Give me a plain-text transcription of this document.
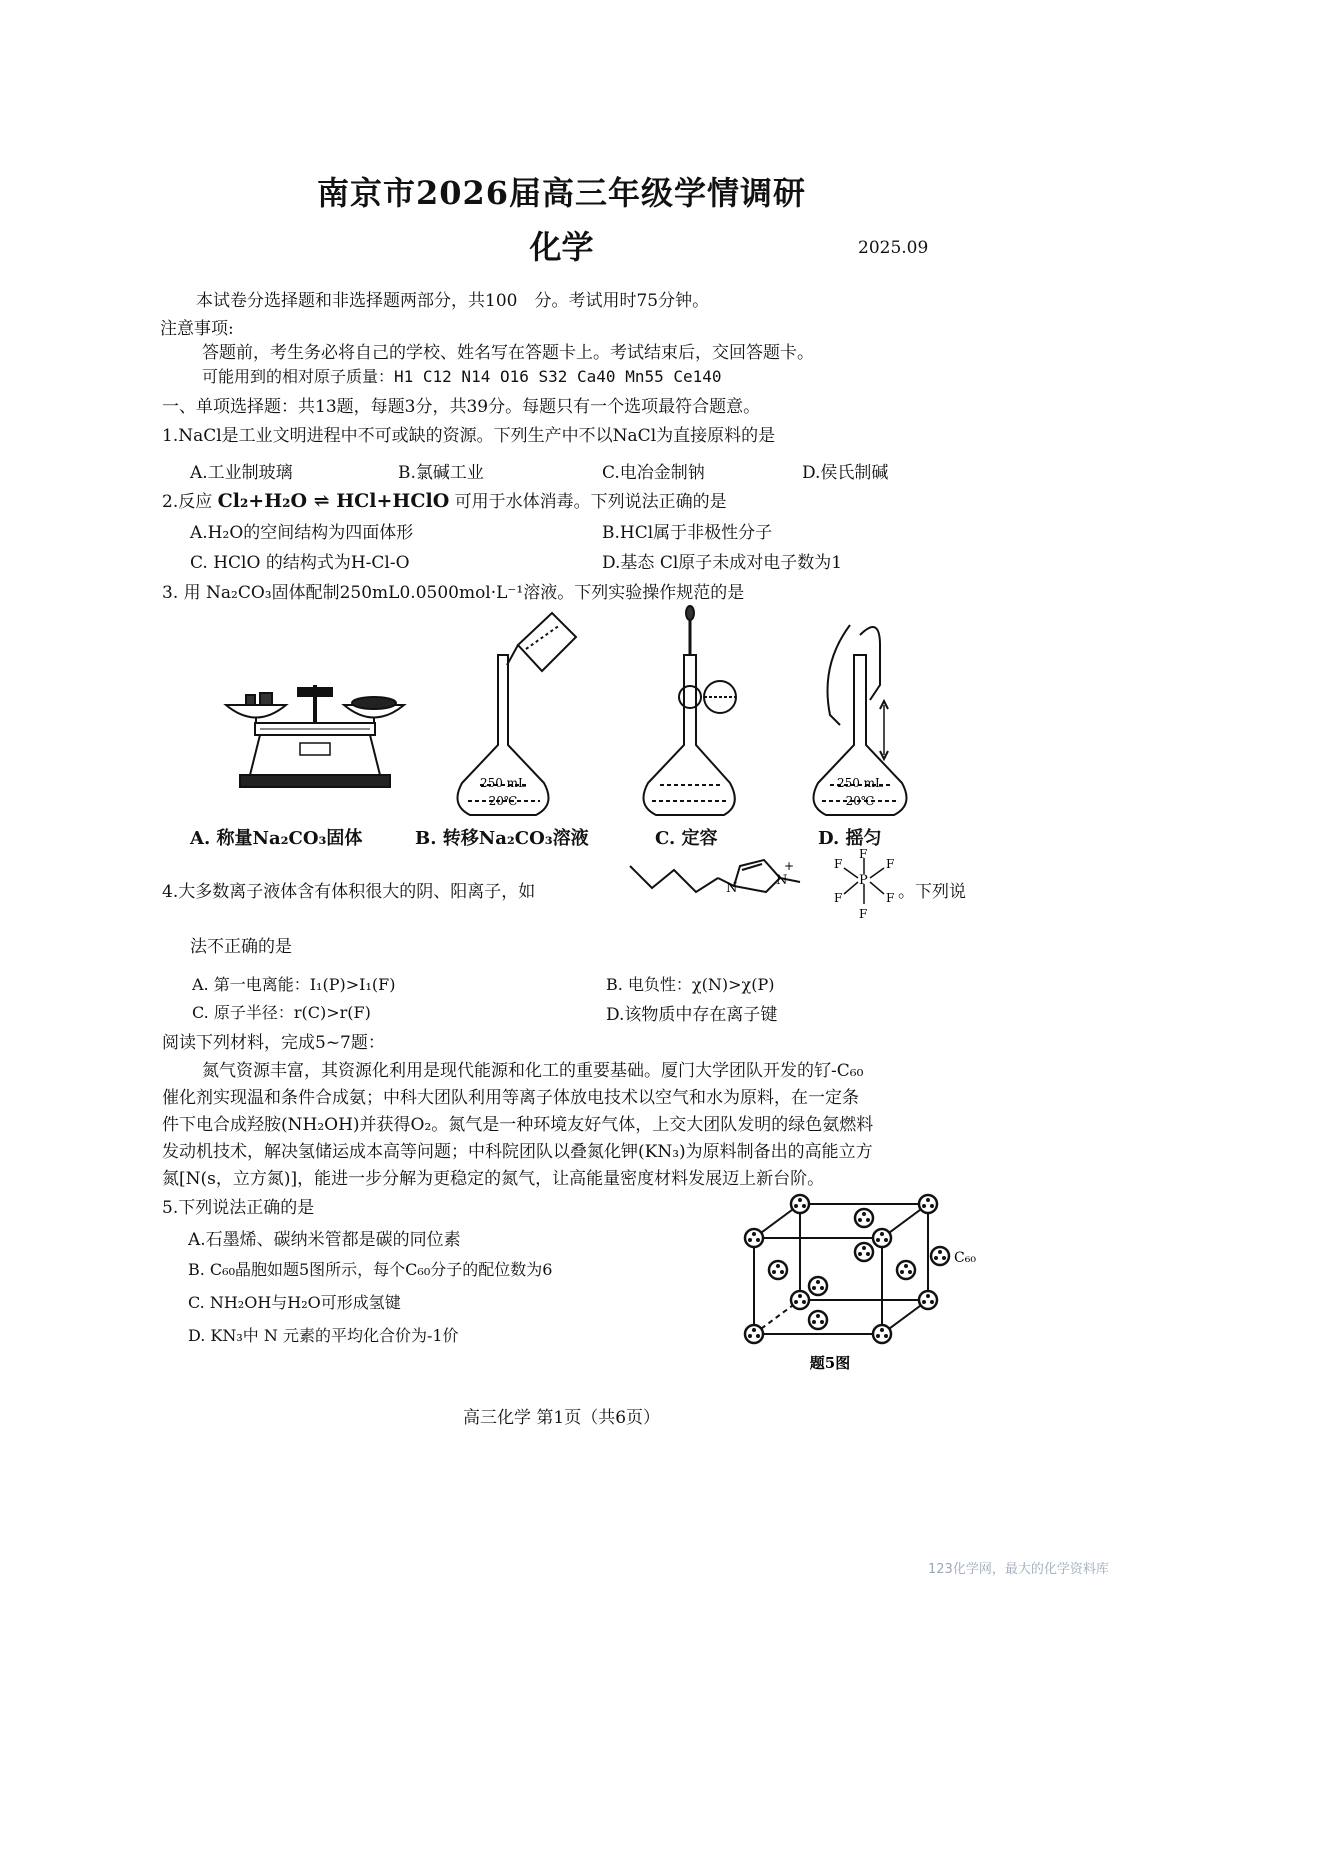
南京市2026届高三年级学情调研
化学	2025.09
本试卷分选择题和非选择题两部分，共100　分。考试用时75分钟。
注意事项:
答题前，考生务必将自己的学校、姓名写在答题卡上。考试结束后，交回答题卡。
可能用到的相对原子质量：H1 C12 N14 O16 S32 Ca40 Mn55 Ce140
一、单项选择题：共13题，每题3分，共39分。每题只有一个选项最符合题意。
1.NaCl是工业文明进程中不可或缺的资源。下列生产中不以NaCl为直接原料的是
A.工业制玻璃	B.氯碱工业	C.电冶金制钠	D.侯氏制碱
2.反应 Cl₂+H₂O ⇌ HCl+HClO 可用于水体消毒。下列说法正确的是
A.H₂O的空间结构为四面体形	B.HCl属于非极性分子
C. HClO 的结构式为H-Cl-O	D.基态 Cl原子未成对电子数为1
3. 用 Na₂CO₃固体配制250mL0.0500mol·L⁻¹溶液。下列实验操作规范的是
250 mL
20℃
250 mL
20℃
A. 称量Na₂CO₃固体	B. 转移Na₂CO₃溶液	C. 定容	D. 摇匀
4.大多数离子液体含有体积很大的阴、阳离子，如	N
N
+
P
F
F
F	F
F	F 。下列说
法不正确的是
A. 第一电离能：I₁(P)>I₁(F)	B. 电负性：χ(N)>χ(P)
C. 原子半径：r(C)>r(F)	D.该物质中存在离子键
阅读下列材料，完成5~7题：
氮气资源丰富，其资源化利用是现代能源和化工的重要基础。厦门大学团队开发的钌-C₆₀
催化剂实现温和条件合成氨；中科大团队利用等离子体放电技术以空气和水为原料，在一定条
件下电合成羟胺(NH₂OH)并获得O₂。氮气是一种环境友好气体，上交大团队发明的绿色氨燃料
发动机技术，解决氢储运成本高等问题；中科院团队以叠氮化钾(KN₃)为原料制备出的高能立方
氮[N(s，立方氮)]，能进一步分解为更稳定的氮气，让高能量密度材料发展迈上新台阶。
5.下列说法正确的是
A.石墨烯、碳纳米管都是碳的同位素
B. C₆₀晶胞如题5图所示，每个C₆₀分子的配位数为6
C. NH₂OH与H₂O可形成氢键
D. KN₃中 N 元素的平均化合价为-1价
C₆₀
题5图
高三化学 第1页（共6页）
123化学网，最大的化学资料库
